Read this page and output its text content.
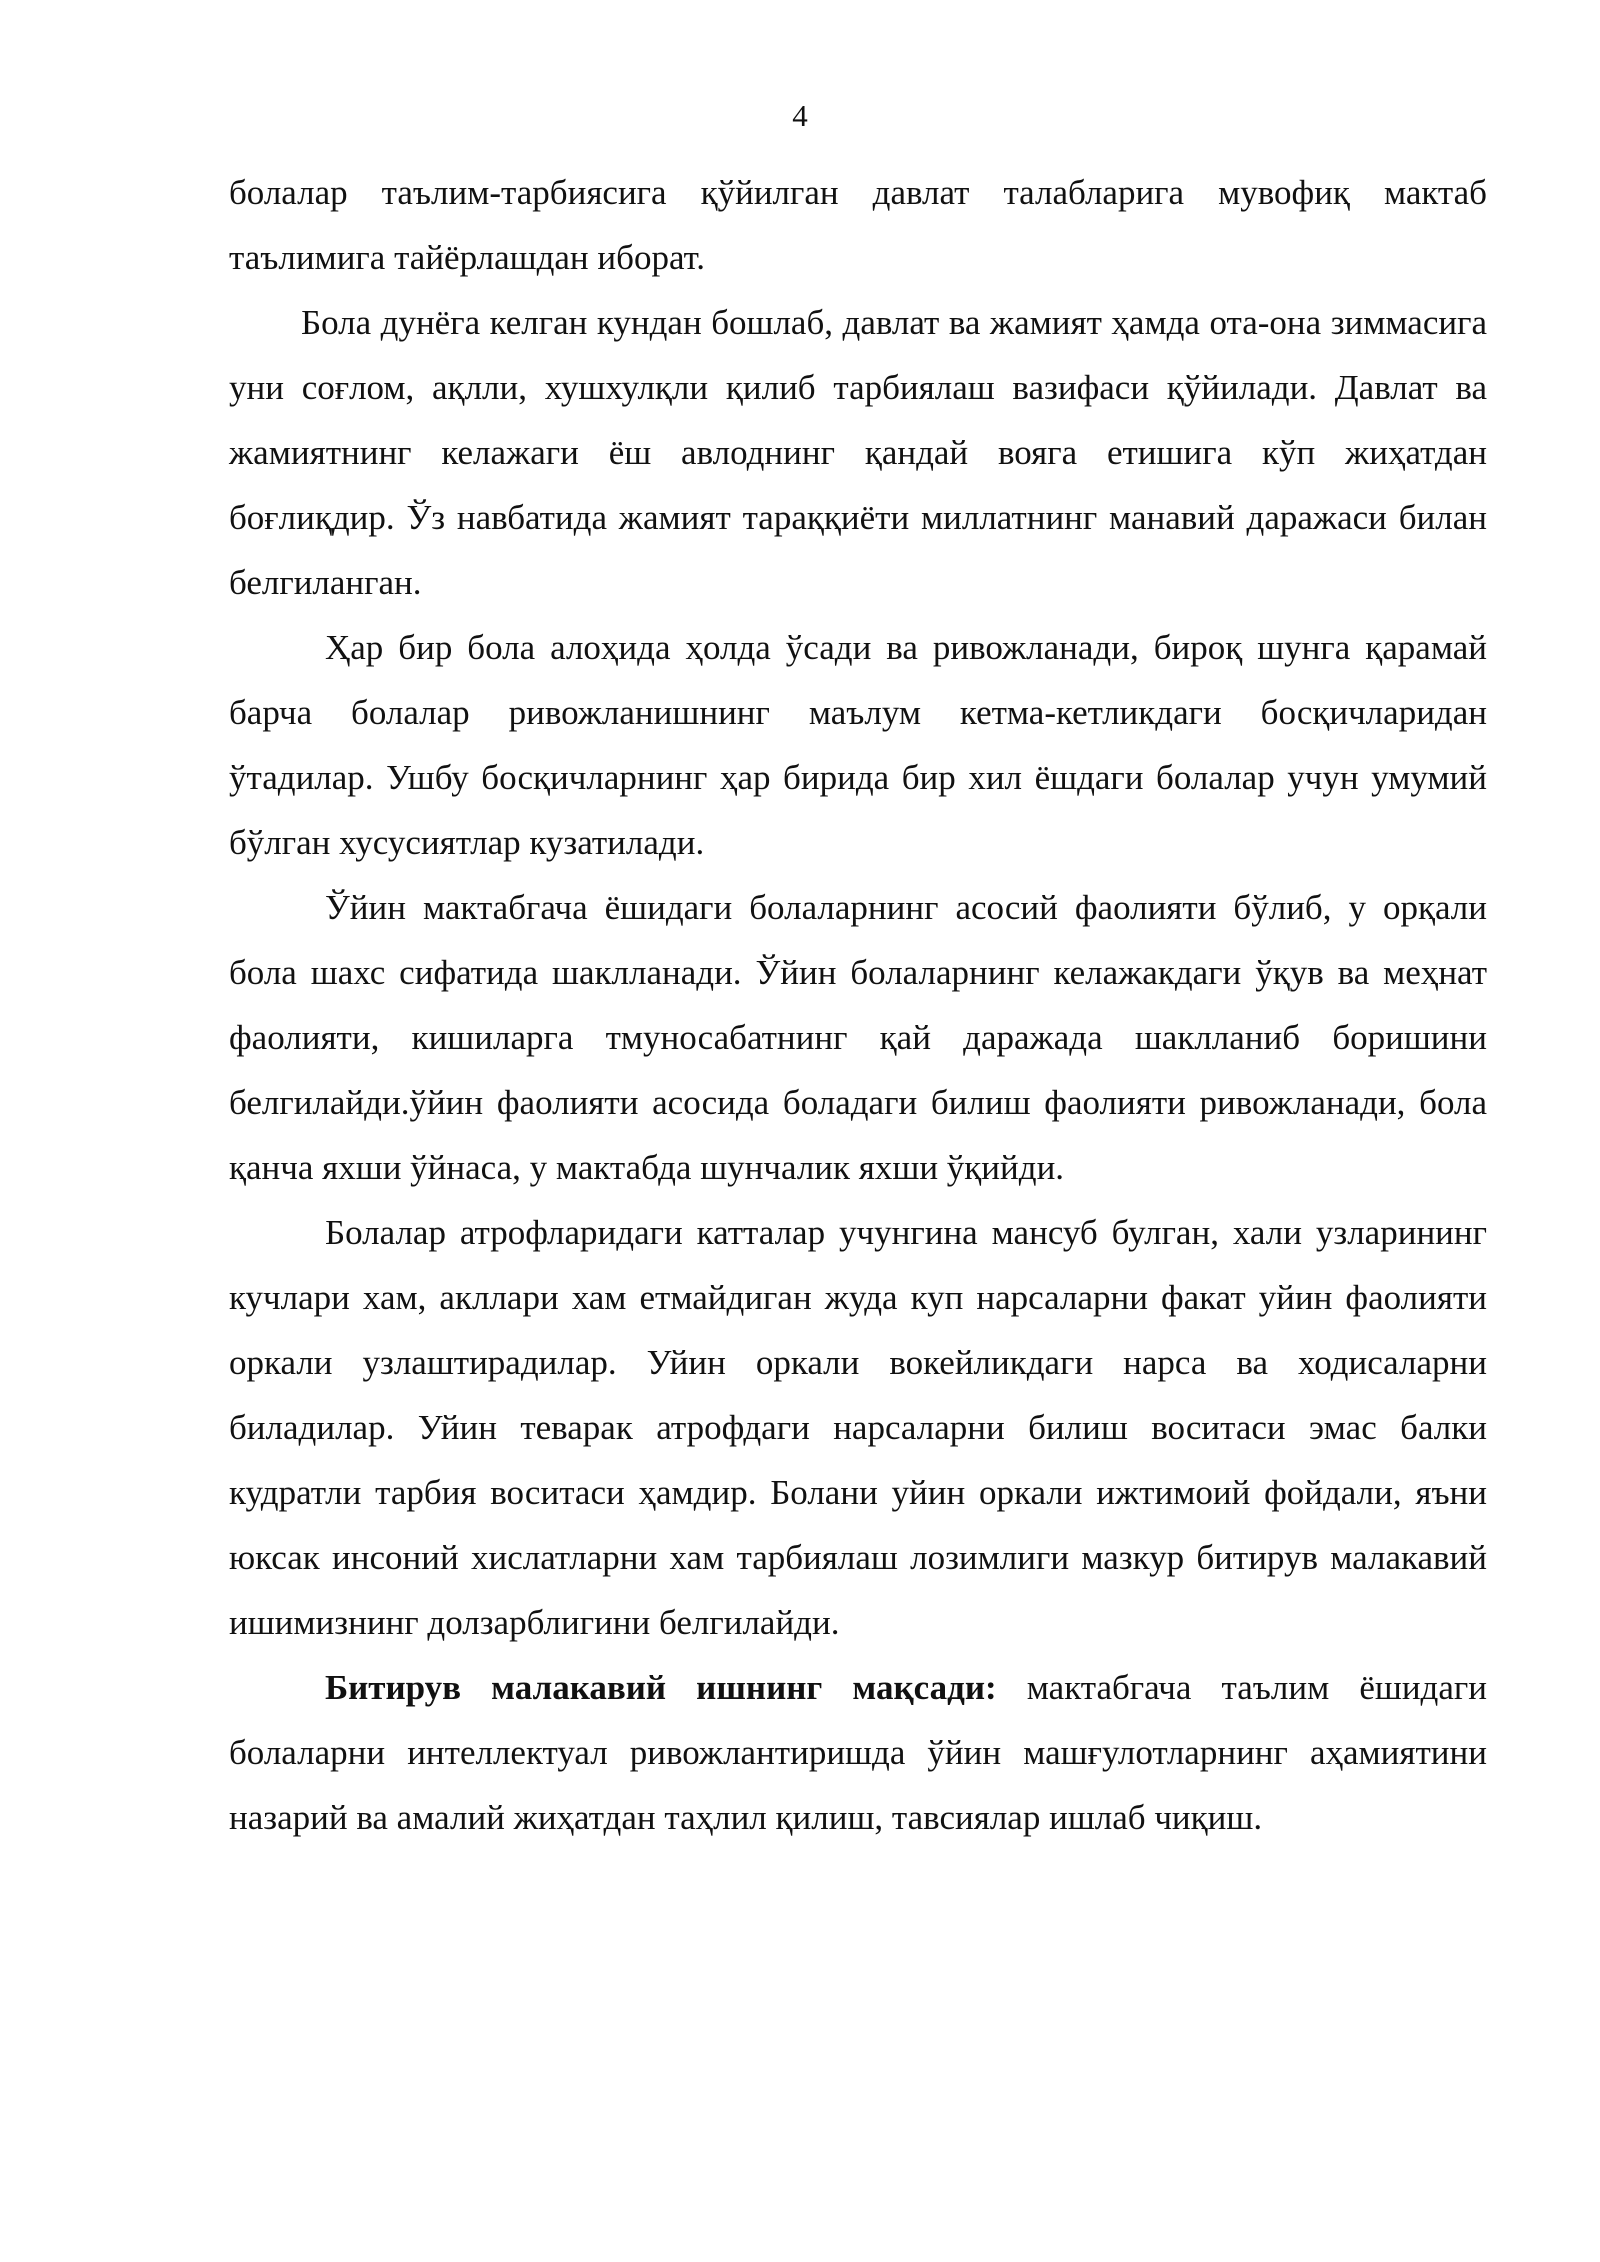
4

болалар таълим-тарбиясига қўйилган давлат талабларига мувофиқ мактаб таълимига тайёрлашдан иборат.

Бола дунёга келган кундан бошлаб, давлат ва жамият ҳамда ота-она зиммасига уни соғлом, ақлли, хушхулқли қилиб тарбиялаш вазифаси қўйилади. Давлат ва жамиятнинг келажаги ёш авлоднинг қандай вояга етишига кўп жиҳатдан боғлиқдир. Ўз навбатида жамият тараққиёти миллатнинг манавий даражаси билан белгиланган.

Ҳар бир бола алоҳида ҳолда ўсади ва ривожланади, бироқ шунга қарамай барча болалар ривожланишнинг маълум кетма-кетликдаги босқичларидан ўтадилар. Ушбу босқичларнинг ҳар бирида бир хил ёшдаги болалар учун умумий бўлган хусусиятлар кузатилади.

Ўйин мактабгача ёшидаги болаларнинг асосий фаолияти бўлиб, у орқали бола шахс сифатида шаклланади. Ўйин болаларнинг келажакдаги ўқув ва меҳнат фаолияти, кишиларга тмуносабатнинг қай даражада шаклланиб боришини белгилайди.ўйин фаолияти асосида боладаги билиш фаолияти ривожланади, бола қанча яхши ўйнаса, у мактабда шунчалик яхши ўқийди.

Болалар атрофларидаги катталар учунгина мансуб булган, хали узларининг кучлари хам, акллари хам етмайдиган жуда куп нарсаларни факат уйин фаолияти оркали узлаштирадилар. Уйин оркали вокейликдаги нарса ва ходисаларни биладилар. Уйин теварак атрофдаги нарсаларни билиш воситаси эмас балки кудратли тарбия воситаси ҳамдир. Болани уйин оркали ижтимоий фойдали, яъни юксак инсоний хислатларни хам тарбиялаш лозимлиги мазкур битирув малакавий ишимизнинг долзарблигини белгилайди.

Битирув малакавий ишнинг мақсади: мактабгача таълим ёшидаги болаларни интеллектуал ривожлантиришда ўйин машғулотларнинг аҳамиятини назарий ва амалий жиҳатдан таҳлил қилиш, тавсиялар ишлаб чиқиш.
